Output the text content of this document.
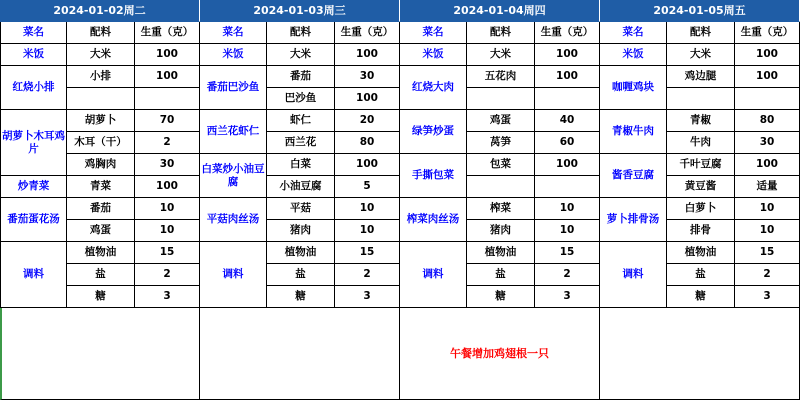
2024-01-02周二
菜名	配料	生重（克）
米饭	大米	100
红烧小排
小排	100
胡萝卜木耳鸡片
胡萝卜	70
木耳（干）	2
鸡胸肉	30
炒青菜	青菜	100
番茄蛋花汤
番茄	10
鸡蛋	10
调料
植物油	15
盐	2
糖	3
2024-01-03周三
菜名	配料	生重（克）
米饭	大米	100
番茄巴沙鱼
番茄	30
巴沙鱼	100
西兰花虾仁
虾仁	20
西兰花	80
白菜炒小油豆腐
白菜	100
小油豆腐	5
平菇肉丝汤
平菇	10
猪肉	10
调料
植物油	15
盐	2
糖	3
2024-01-04周四
菜名	配料	生重（克）
米饭	大米	100
红烧大肉
五花肉	100
绿笋炒蛋
鸡蛋	40
莴笋	60
手撕包菜
包菜	100
榨菜肉丝汤
榨菜	10
猪肉	10
调料
植物油	15
盐	2
糖	3
午餐增加鸡翅根一只
2024-01-05周五
菜名	配料	生重（克）
米饭	大米	100
咖喱鸡块
鸡边腿	100
青椒牛肉
青椒	80
牛肉	30
酱香豆腐
千叶豆腐	100
黄豆酱	适量
萝卜排骨汤
白萝卜	10
排骨	10
调料
植物油	15
盐	2
糖	3
